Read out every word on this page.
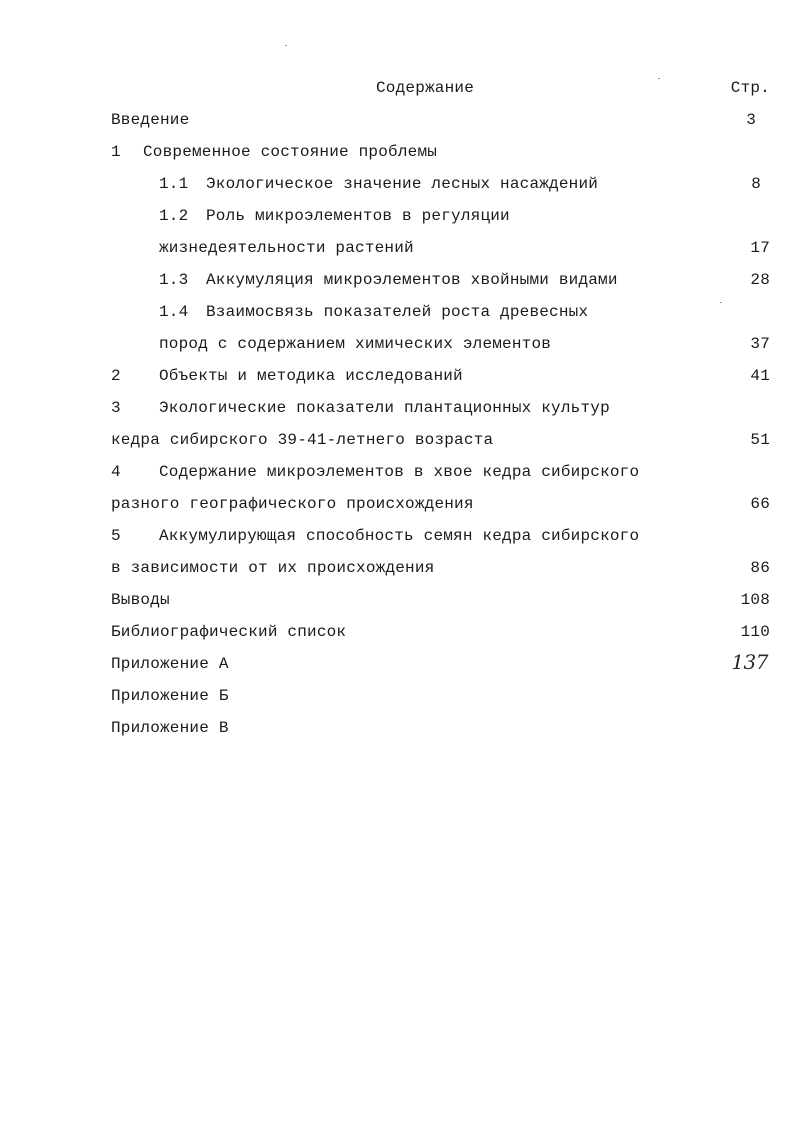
Содержание	Стр.
Введение	3
1 Современное состояние проблемы
1.1 Экологическое значение лесных насаждений	8
1.2 Роль микроэлементов в регуляции
жизнедеятельности растений	17
1.3 Аккумуляция микроэлементов хвойными видами	28
1.4 Взаимосвязь показателей роста древесных
пород с содержанием химических элементов	37
2 Объекты и методика исследований	41
3 Экологические показатели плантационных культур
кедра сибирского 39-41-летнего возраста	51
4 Содержание микроэлементов в хвое кедра сибирского
разного географического происхождения	66
5 Аккумулирующая способность семян кедра сибирского
в зависимости от их происхождения	86
Выводы	108
Библиографический список	110
Приложение А	137
Приложение Б
Приложение В
